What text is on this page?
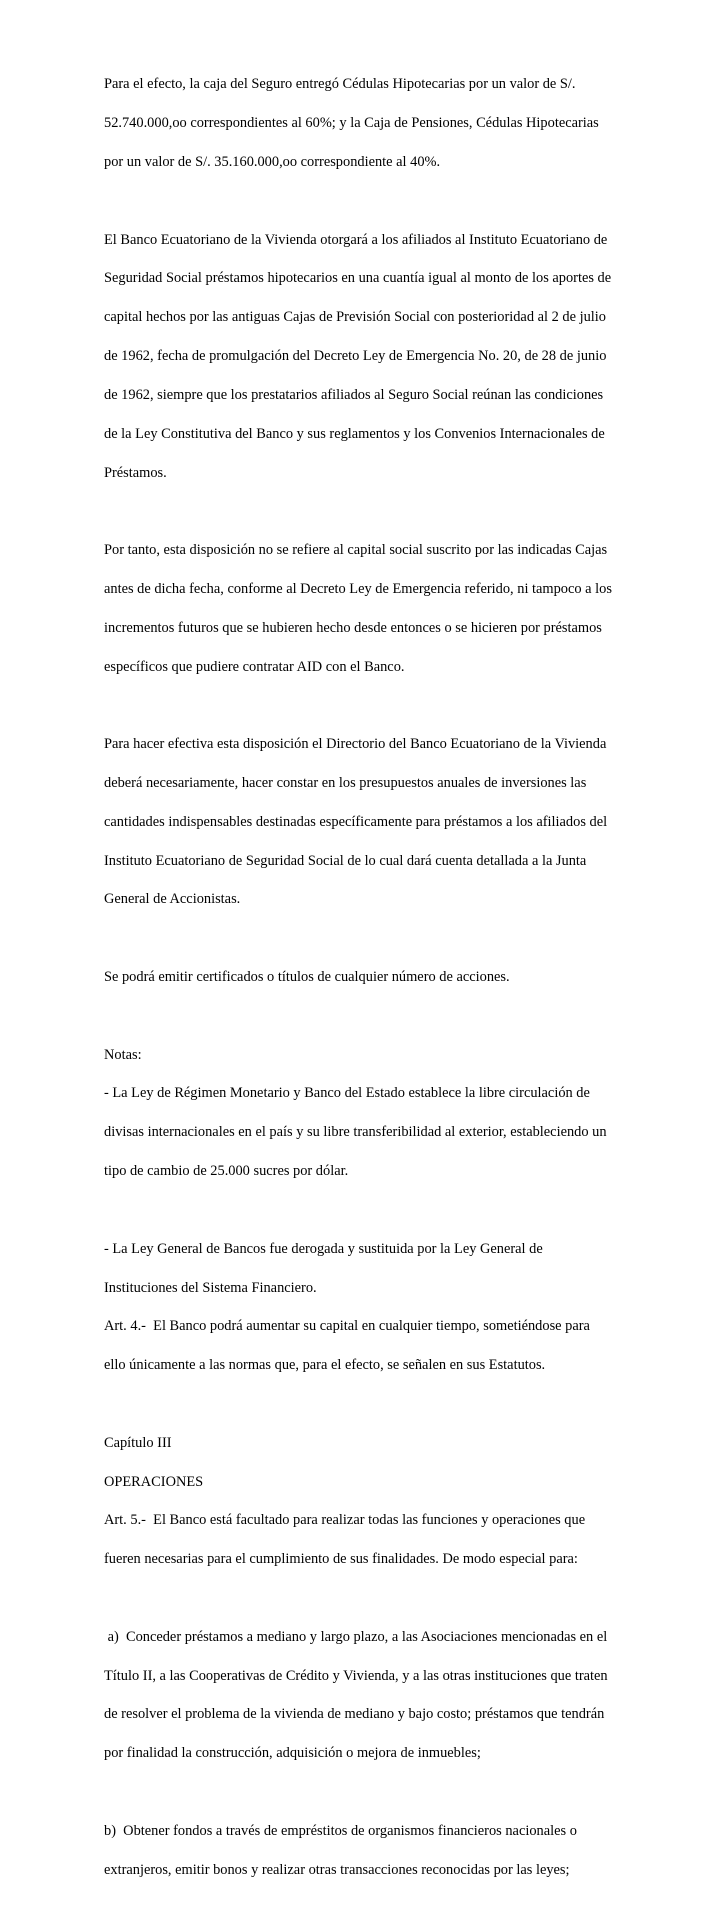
Para el efecto, la caja del Seguro entregó Cédulas Hipotecarias por un valor de S/.

52.740.000,oo correspondientes al 60%; y la Caja de Pensiones, Cédulas Hipotecarias

por un valor de S/. 35.160.000,oo correspondiente al 40%.

El Banco Ecuatoriano de la Vivienda otorgará a los afiliados al Instituto Ecuatoriano de

Seguridad Social préstamos hipotecarios en una cuantía igual al monto de los aportes de

capital hechos por las antiguas Cajas de Previsión Social con posterioridad al 2 de julio

de 1962, fecha de promulgación del Decreto Ley de Emergencia No. 20, de 28 de junio

de 1962, siempre que los prestatarios afiliados al Seguro Social reúnan las condiciones

de la Ley Constitutiva del Banco y sus reglamentos y los Convenios Internacionales de

Préstamos.

Por tanto, esta disposición no se refiere al capital social suscrito por las indicadas Cajas

antes de dicha fecha, conforme al Decreto Ley de Emergencia referido, ni tampoco a los

incrementos futuros que se hubieren hecho desde entonces o se hicieren por préstamos

específicos que pudiere contratar AID con el Banco.

Para hacer efectiva esta disposición el Directorio del Banco Ecuatoriano de la Vivienda

deberá necesariamente, hacer constar en los presupuestos anuales de inversiones las

cantidades indispensables destinadas específicamente para préstamos a los afiliados del

Instituto Ecuatoriano de Seguridad Social de lo cual dará cuenta detallada a la Junta

General de Accionistas.

Se podrá emitir certificados o títulos de cualquier número de acciones.

Notas:

- La Ley de Régimen Monetario y Banco del Estado establece la libre circulación de

divisas internacionales en el país y su libre transferibilidad al exterior, estableciendo un

tipo de cambio de 25.000 sucres por dólar.

- La Ley General de Bancos fue derogada y sustituida por la Ley General de

Instituciones del Sistema Financiero.

Art. 4.-  El Banco podrá aumentar su capital en cualquier tiempo, sometiéndose para

ello únicamente a las normas que, para el efecto, se señalen en sus Estatutos.

Capítulo III

OPERACIONES

Art. 5.-  El Banco está facultado para realizar todas las funciones y operaciones que

fueren necesarias para el cumplimiento de sus finalidades. De modo especial para:

a)  Conceder préstamos a mediano y largo plazo, a las Asociaciones mencionadas en el

Título II, a las Cooperativas de Crédito y Vivienda, y a las otras instituciones que traten

de resolver el problema de la vivienda de mediano y bajo costo; préstamos que tendrán

por finalidad la construcción, adquisición o mejora de inmuebles;

b)  Obtener fondos a través de empréstitos de organismos financieros nacionales o

extranjeros, emitir bonos y realizar otras transacciones reconocidas por las leyes;
